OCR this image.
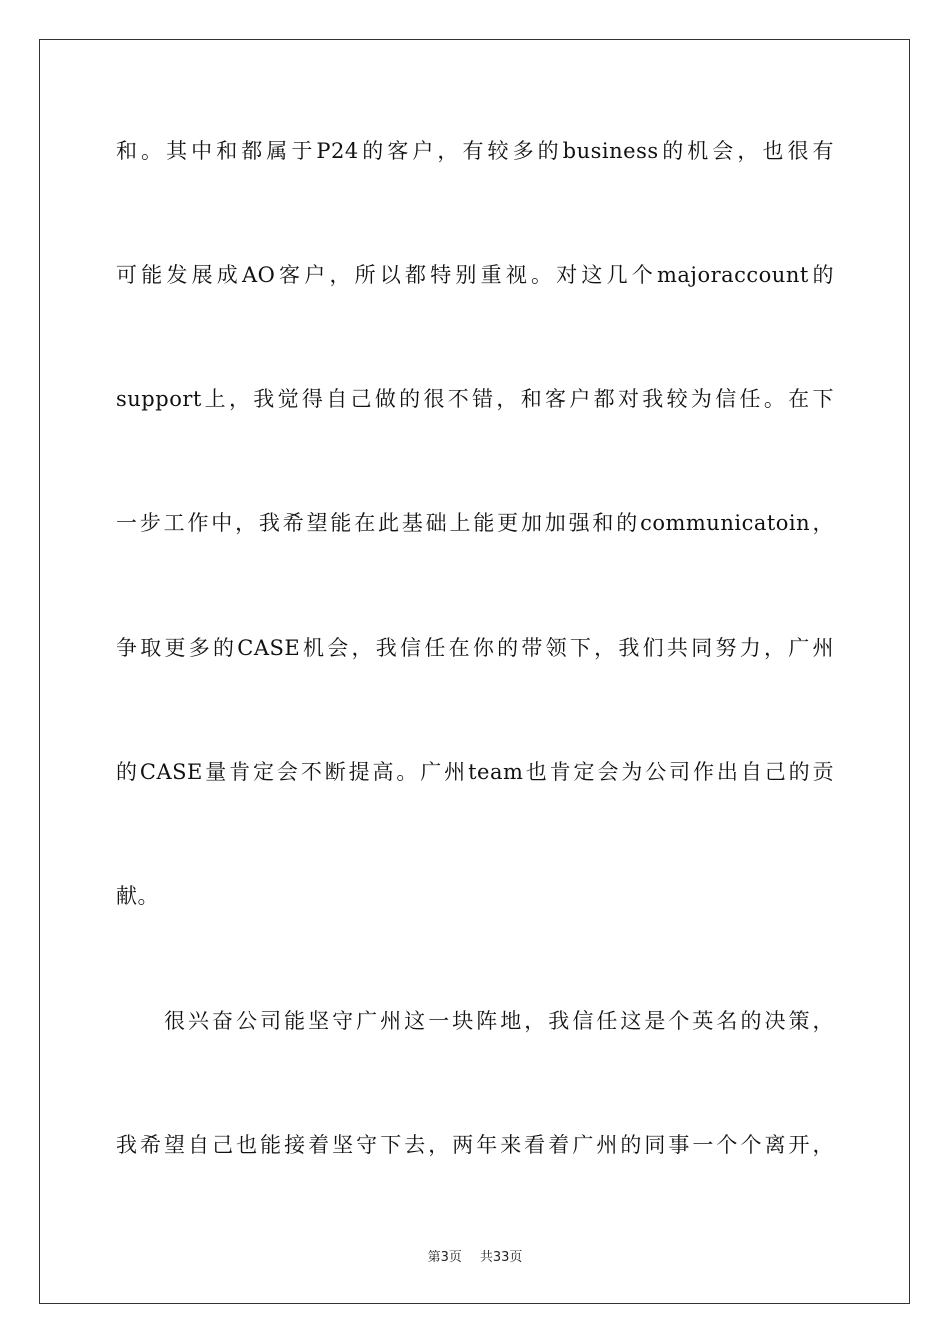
和。其中和都属于P24的客户，有较多的business的机会，也很有
可能发展成AO客户，所以都特别重视。对这几个majoraccount的
support上，我觉得自己做的很不错，和客户都对我较为信任。在下
一步工作中，我希望能在此基础上能更加加强和的communicatoin，
争取更多的CASE机会，我信任在你的带领下，我们共同努力，广州
的CASE量肯定会不断提高。广州team也肯定会为公司作出自己的贡
献。
很兴奋公司能坚守广州这一块阵地，我信任这是个英名的决策，
我希望自己也能接着坚守下去，两年来看着广州的同事一个个离开，
第3页 共33页
